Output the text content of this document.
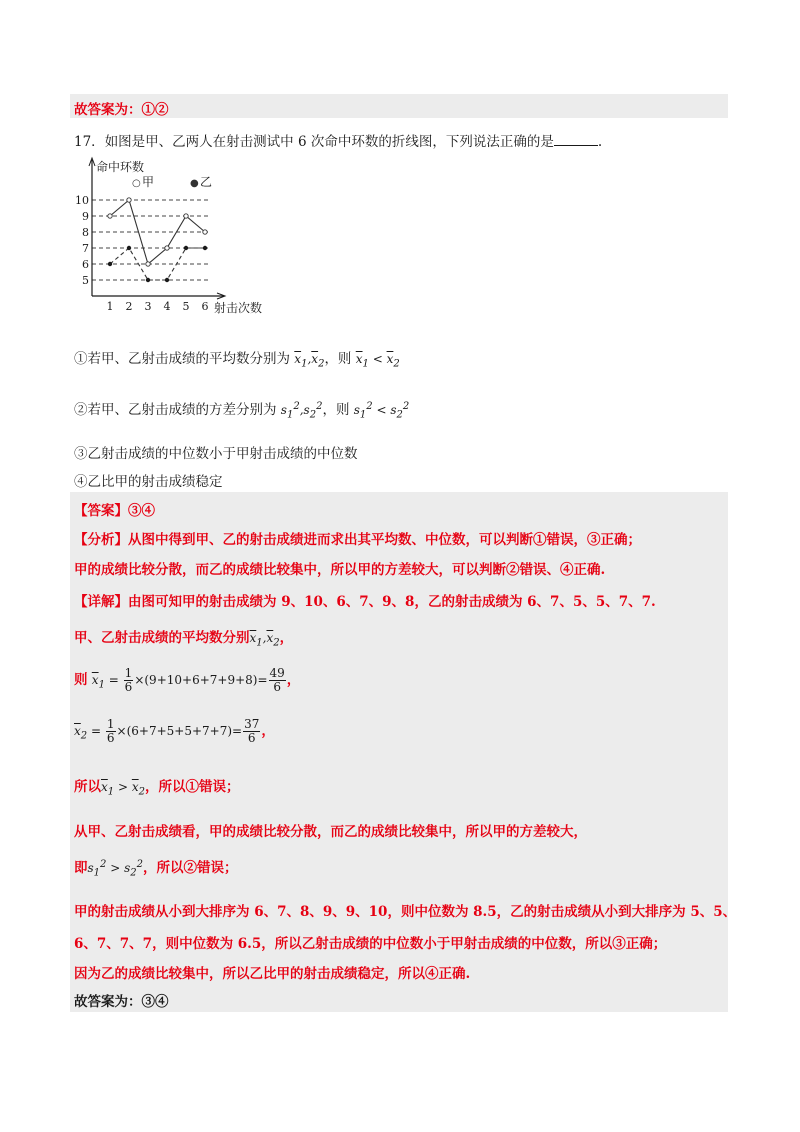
故答案为：①②
17．如图是甲、乙两人在射击测试中 6 次命中环数的折线图，下列说法正确的是	.
命中环数
○ 甲	● 乙
5
6
7
8
9
10
1 2 3 4 5 6 射击次数
①若甲、乙射击成绩的平均数分别为 $\overline{x}_1,\overline{x}_2$，则 $\overline{x}_1 < \overline{x}_2$
②若甲、乙射击成绩的方差分别为 $s_1^2,s_2^2$，则 $s_1^2 < s_2^2$
③乙射击成绩的中位数小于甲射击成绩的中位数
④乙比甲的射击成绩稳定
【答案】③④
【分析】从图中得到甲、乙的射击成绩进而求出其平均数、中位数，可以判断①错误，③正确；
甲的成绩比较分散，而乙的成绩比较集中，所以甲的方差较大，可以判断②错误、④正确.
【详解】由图可知甲的射击成绩为 9、10、6、7、9、8，乙的射击成绩为 6、7、5、5、7、7.
甲、乙射击成绩的平均数分别$\overline{x}_1,\overline{x}_2$，
则 $\overline{x}_1 = \frac{1}{6} \times(9+10+6+7+9+8)= \frac{49}{6}$ ，
$\overline{x}_2 = \frac{1}{6} \times(6+7+5+5+7+7)= \frac{37}{6}$ ，
所以$\overline{x}_1 > \overline{x}_2$，所以①错误；
从甲、乙射击成绩看，甲的成绩比较分散，而乙的成绩比较集中，所以甲的方差较大，
即$s_1^2 > s_2^2$，所以②错误；
甲的射击成绩从小到大排序为 6、7、8、9、9、10，则中位数为 8.5，乙的射击成绩从小到大排序为 5、5、
6、7、7、7，则中位数为 6.5，所以乙射击成绩的中位数小于甲射击成绩的中位数，所以③正确；
因为乙的成绩比较集中，所以乙比甲的射击成绩稳定，所以④正确.
故答案为：③④
